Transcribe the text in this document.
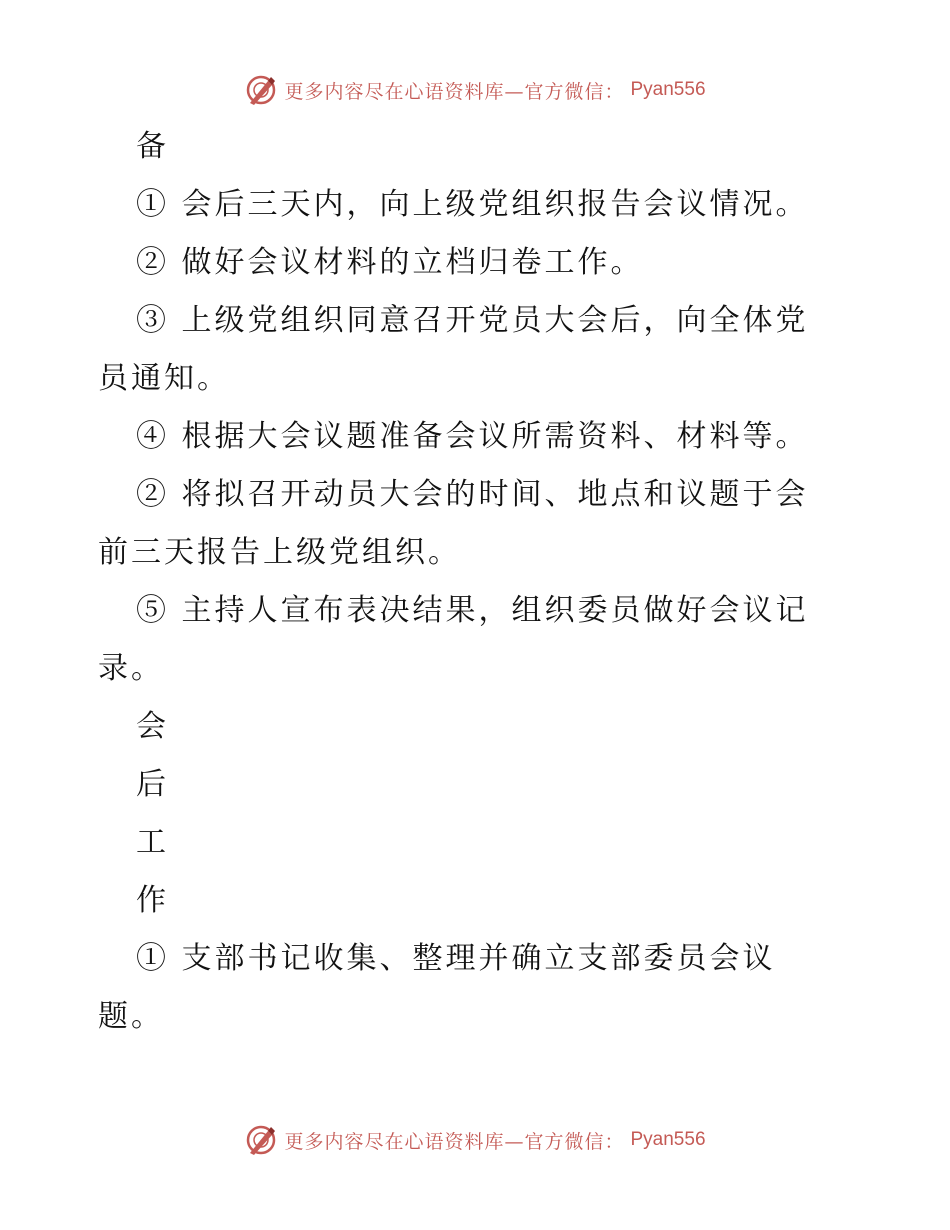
更多内容尽在心语资料库—官方微信： Pyan556

备

① 会后三天内，向上级党组织报告会议情况。

② 做好会议材料的立档归卷工作。

③ 上级党组织同意召开党员大会后，向全体党员通知。

④ 根据大会议题准备会议所需资料、材料等。

② 将拟召开动员大会的时间、地点和议题于会前三天报告上级党组织。

⑤ 主持人宣布表决结果，组织委员做好会议记录。

会

后

工

作

① 支部书记收集、整理并确立支部委员会议题。

更多内容尽在心语资料库—官方微信： Pyan556
